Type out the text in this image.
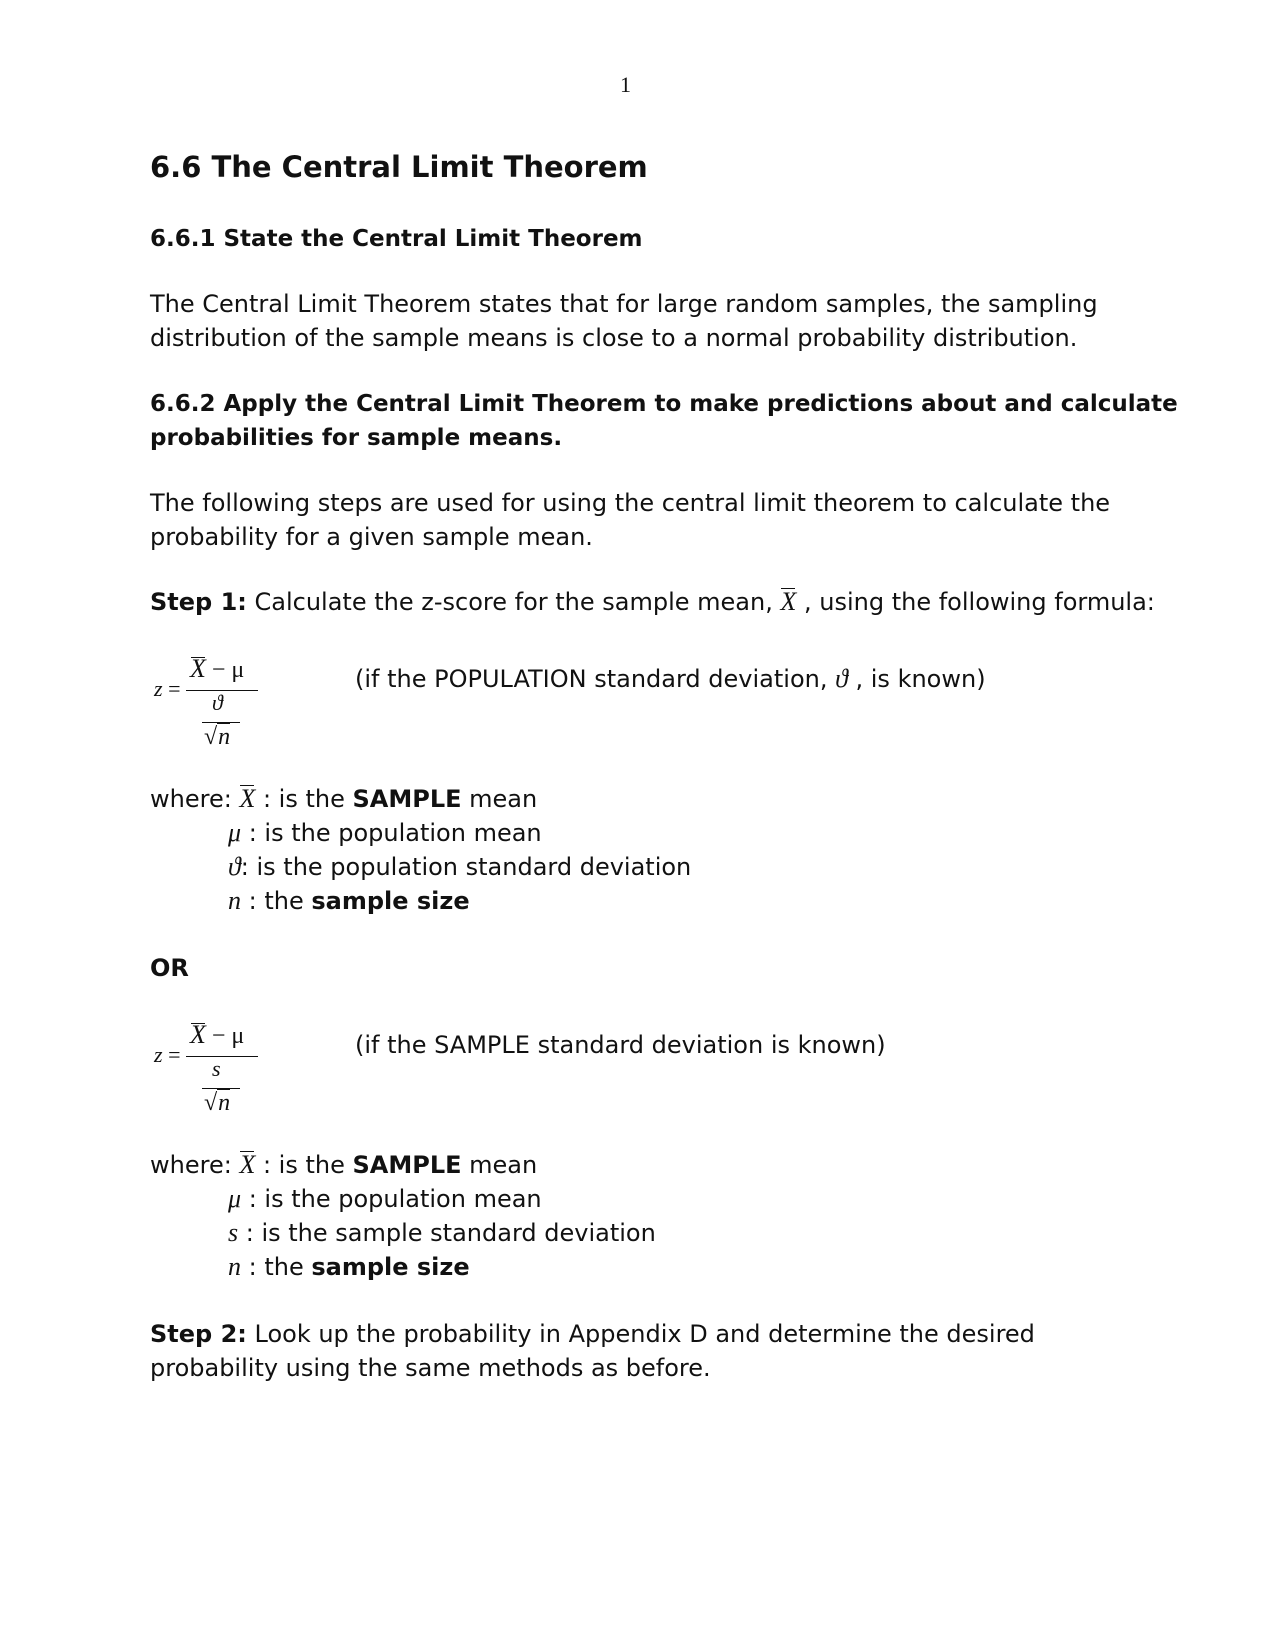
1
6.6 The Central Limit Theorem
6.6.1 State the Central Limit Theorem
The Central Limit Theorem states that for large random samples, the sampling
distribution of the sample means is close to a normal probability distribution.
6.6.2 Apply the Central Limit Theorem to make predictions about and calculate
probabilities for sample means.
The following steps are used for using the central limit theorem to calculate the
probability for a given sample mean.
Step 1: Calculate the z-score for the sample mean, X , using the following formula:
z =
X − μ
ϑ
√n
(if the POPULATION standard deviation, ϑ , is known)
where: X : is the SAMPLE mean
μ : is the population mean
ϑ: is the population standard deviation
n : the sample size
OR
z =
X − μ
s
√n
(if the SAMPLE standard deviation is known)
where: X : is the SAMPLE mean
μ : is the population mean
s : is the sample standard deviation
n : the sample size
Step 2: Look up the probability in Appendix D and determine the desired
probability using the same methods as before.
